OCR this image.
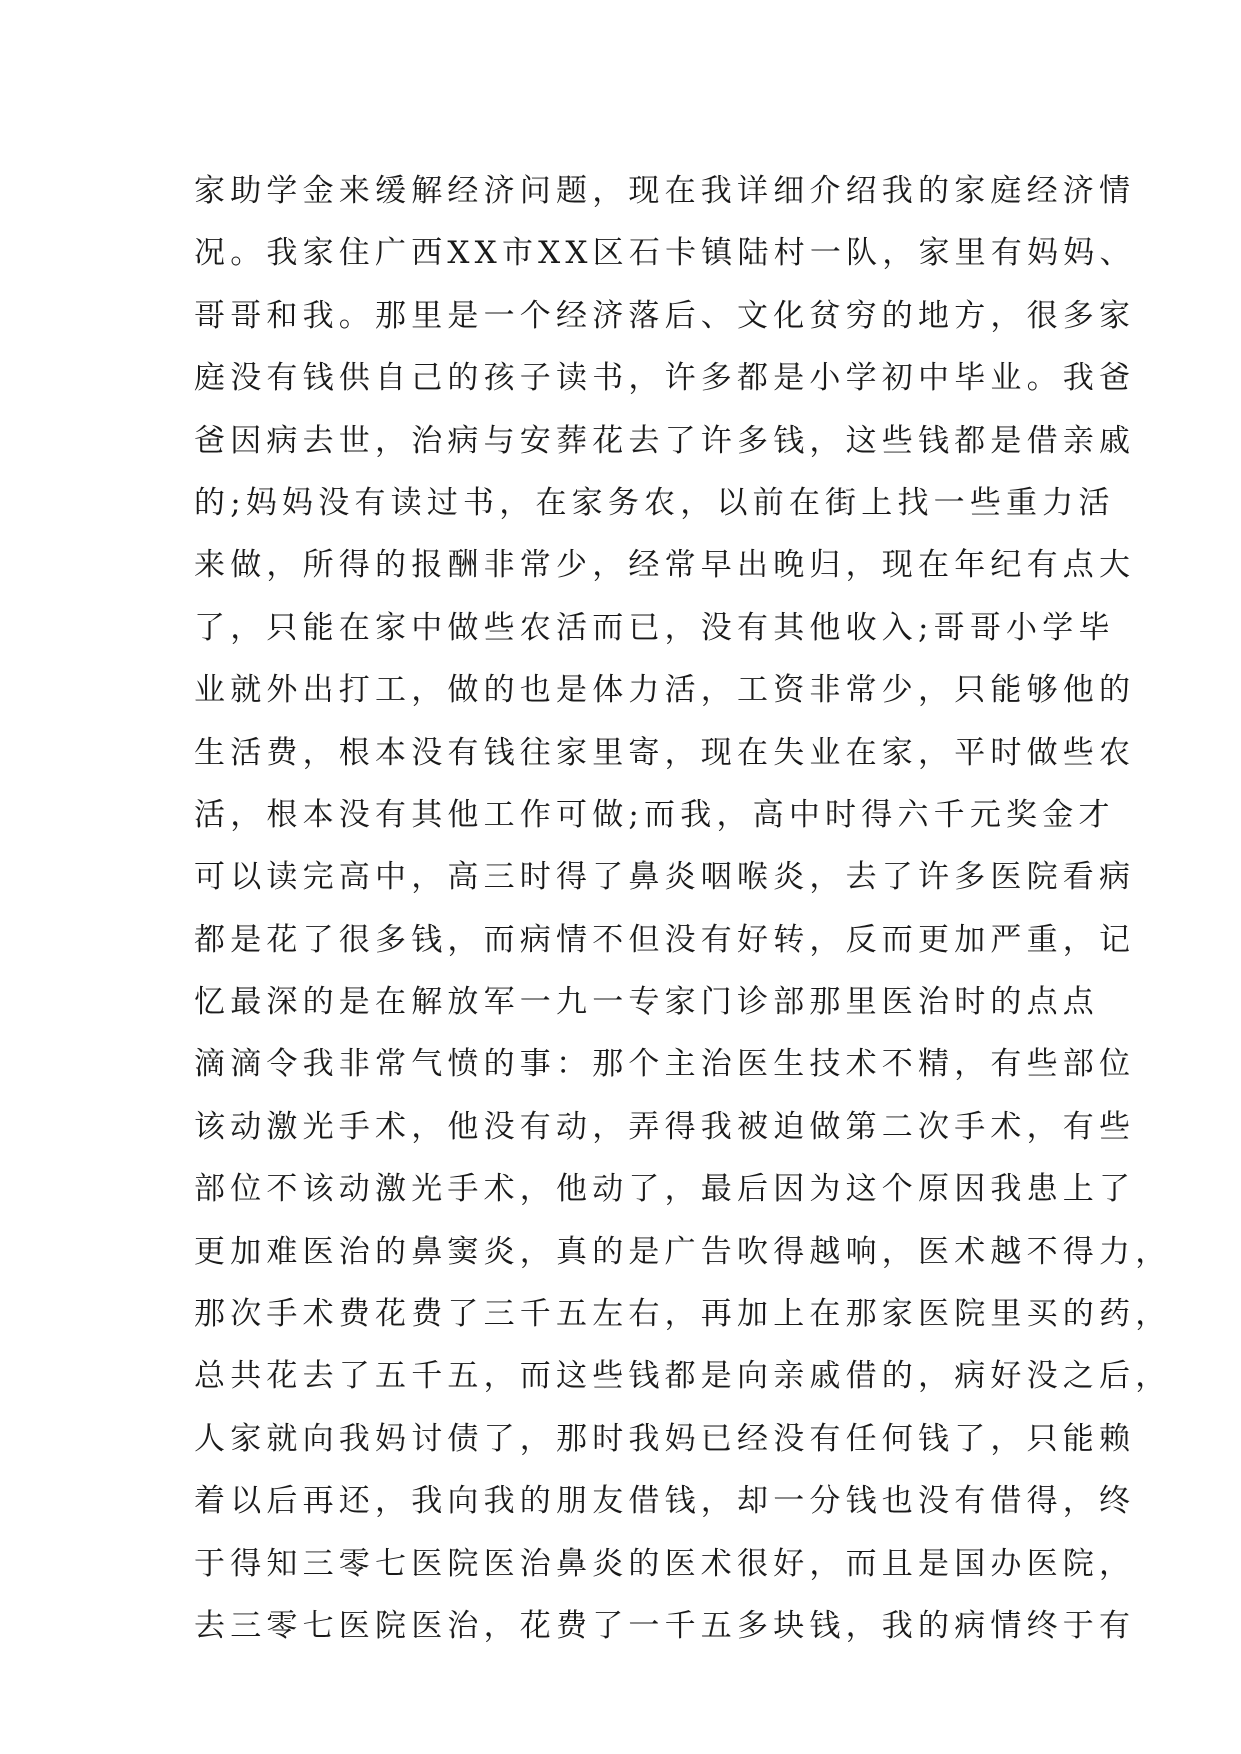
家助学金来缓解经济问题，现在我详细介绍我的家庭经济情
况。我家住广西XX市XX区石卡镇陆村一队，家里有妈妈、
哥哥和我。那里是一个经济落后、文化贫穷的地方，很多家
庭没有钱供自己的孩子读书，许多都是小学初中毕业。我爸
爸因病去世，治病与安葬花去了许多钱，这些钱都是借亲戚
的;妈妈没有读过书，在家务农，以前在街上找一些重力活
来做，所得的报酬非常少，经常早出晚归，现在年纪有点大
了，只能在家中做些农活而已，没有其他收入;哥哥小学毕
业就外出打工，做的也是体力活，工资非常少，只能够他的
生活费，根本没有钱往家里寄，现在失业在家，平时做些农
活，根本没有其他工作可做;而我，高中时得六千元奖金才
可以读完高中，高三时得了鼻炎咽喉炎，去了许多医院看病
都是花了很多钱，而病情不但没有好转，反而更加严重，记
忆最深的是在解放军一九一专家门诊部那里医治时的点点
滴滴令我非常气愤的事：那个主治医生技术不精，有些部位
该动激光手术，他没有动，弄得我被迫做第二次手术，有些
部位不该动激光手术，他动了，最后因为这个原因我患上了
更加难医治的鼻窦炎，真的是广告吹得越响，医术越不得力，
那次手术费花费了三千五左右，再加上在那家医院里买的药，
总共花去了五千五，而这些钱都是向亲戚借的，病好没之后，
人家就向我妈讨债了，那时我妈已经没有任何钱了，只能赖
着以后再还，我向我的朋友借钱，却一分钱也没有借得，终
于得知三零七医院医治鼻炎的医术很好，而且是国办医院，
去三零七医院医治，花费了一千五多块钱，我的病情终于有
